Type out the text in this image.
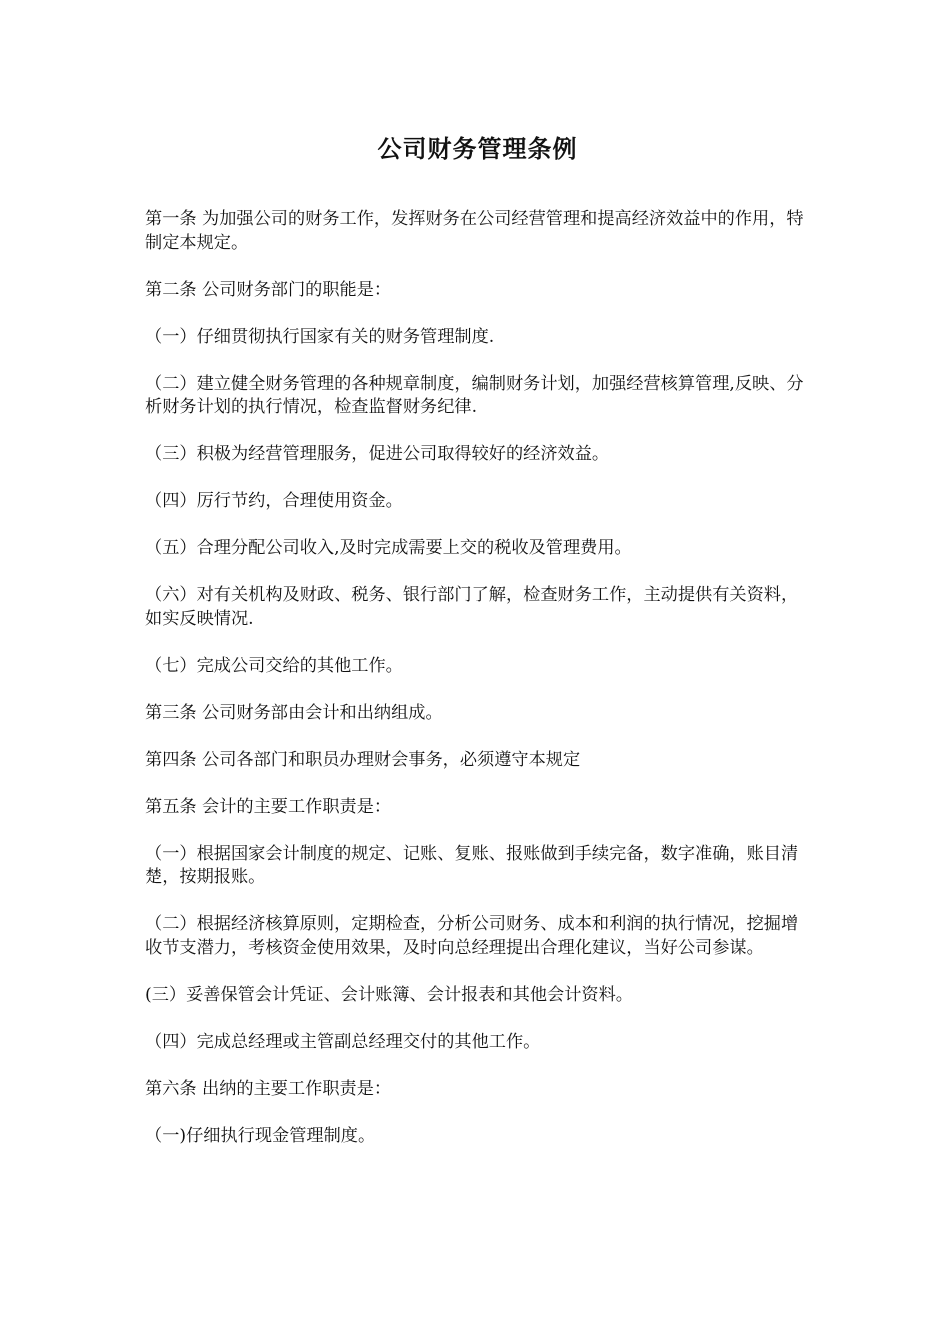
公司财务管理条例
第一条 为加强公司的财务工作，发挥财务在公司经营管理和提高经济效益中的作用，特制定本规定。
第二条 公司财务部门的职能是：
（一）仔细贯彻执行国家有关的财务管理制度.
（二）建立健全财务管理的各种规章制度，编制财务计划，加强经营核算管理,反映、分析财务计划的执行情况，检查监督财务纪律.
（三）积极为经营管理服务，促进公司取得较好的经济效益。
（四）厉行节约，合理使用资金。
（五）合理分配公司收入,及时完成需要上交的税收及管理费用。
（六）对有关机构及财政、税务、银行部门了解，检查财务工作，主动提供有关资料，如实反映情况.
（七）完成公司交给的其他工作。
第三条 公司财务部由会计和出纳组成。
第四条 公司各部门和职员办理财会事务，必须遵守本规定
第五条 会计的主要工作职责是：
（一）根据国家会计制度的规定、记账、复账、报账做到手续完备，数字准确，账目清楚，按期报账。
（二）根据经济核算原则，定期检查，分析公司财务、成本和利润的执行情况，挖掘增收节支潜力，考核资金使用效果，及时向总经理提出合理化建议，当好公司参谋。
(三）妥善保管会计凭证、会计账簿、会计报表和其他会计资料。
（四）完成总经理或主管副总经理交付的其他工作。
第六条 出纳的主要工作职责是：
（一)仔细执行现金管理制度。
